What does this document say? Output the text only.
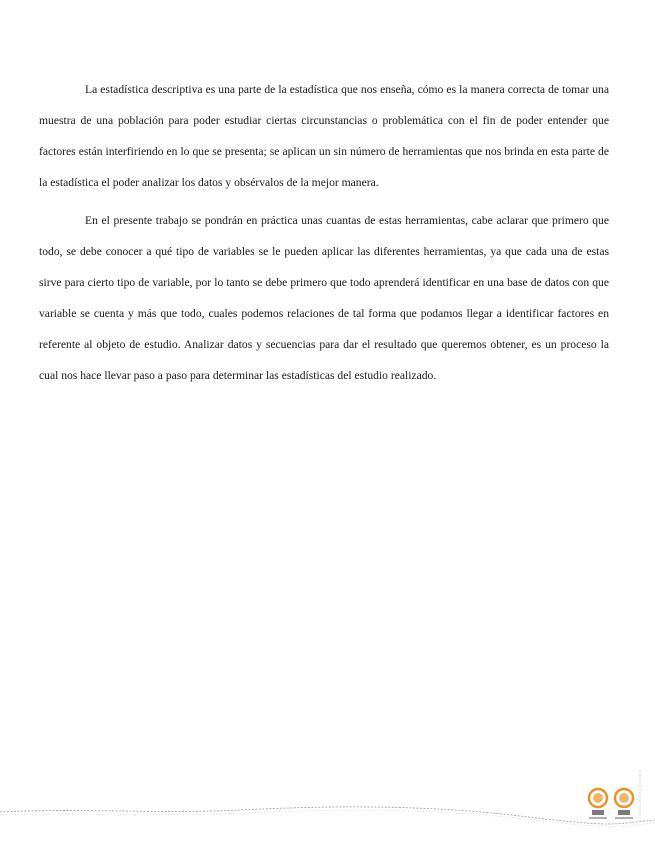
La estadística descriptiva es una parte de la estadística que nos enseña, cómo es la manera correcta de tomar una muestra de una población para poder estudiar ciertas circunstancias o problemática con el fin de poder entender que factores están interfiriendo en lo que se presenta; se aplican un sin número de herramientas que nos brinda en esta parte de la estadística el poder analizar los datos y obsérvalos de la mejor manera.

En el presente trabajo se pondrán en práctica unas cuantas de estas herramientas, cabe aclarar que primero que todo, se debe conocer a qué tipo de variables se le pueden aplicar las diferentes herramientas, ya que cada una de estas sirve para cierto tipo de variable, por lo tanto se debe primero que todo aprenderá identificar en una base de datos con que variable se cuenta y más que todo, cuales podemos relaciones de tal forma que podamos llegar a identificar factores en referente al objeto de estudio. Analizar datos y secuencias para dar el resultado que queremos obtener, es un proceso la cual nos hace llevar paso a paso para determinar las estadísticas del estudio realizado.
